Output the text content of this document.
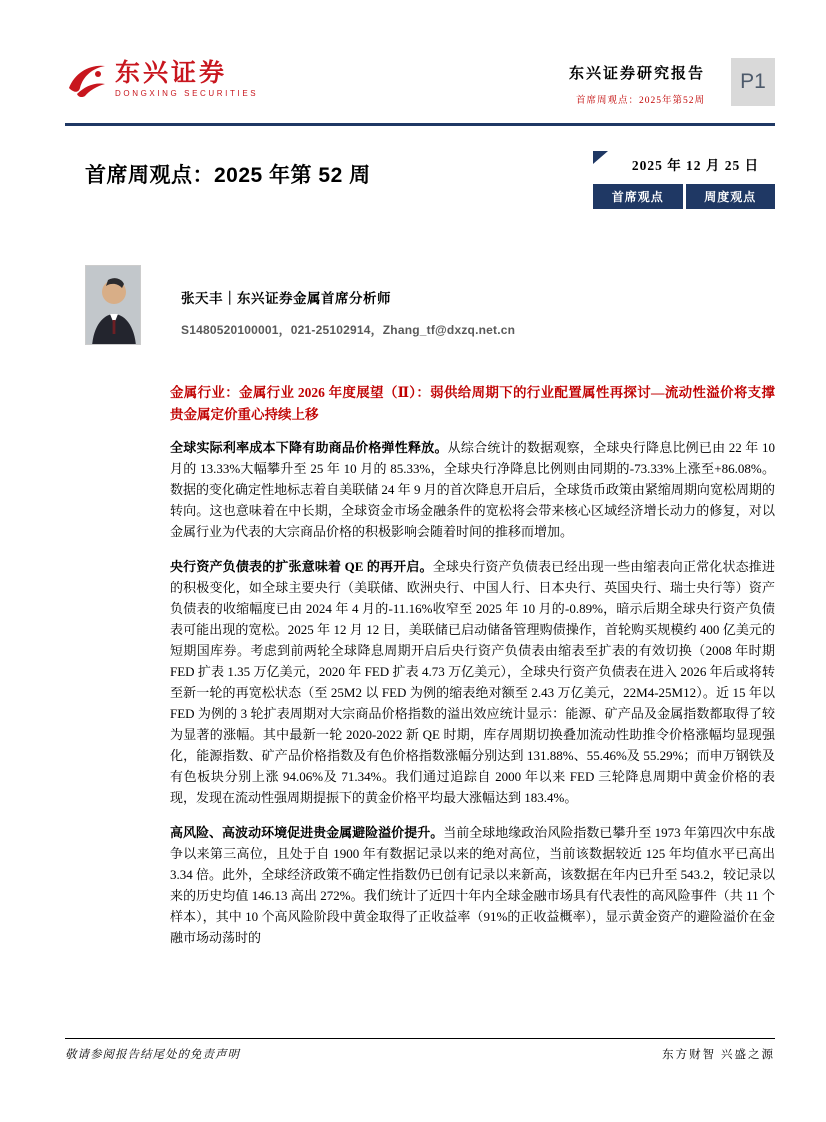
东兴证券
DONGXING SECURITIES
东兴证券研究报告
首席周观点：2025年第52周
P1
首席周观点：2025 年第 52 周	2025 年 12 月 25 日
首席观点	周度观点
张天丰｜东兴证券金属首席分析师
S1480520100001，021-25102914，Zhang_tf@dxzq.net.cn

金属行业：金属行业 2026 年度展望（Ⅱ）：弱供给周期下的行业配置属性再探讨—流动性溢价将支撑贵金属定价重心持续上移

全球实际利率成本下降有助商品价格弹性释放。从综合统计的数据观察，全球央行降息比例已由 22 年 10 月的 13.33%大幅攀升至 25 年 10 月的 85.33%，全球央行净降息比例则由同期的-73.33%上涨至+86.08%。数据的变化确定性地标志着自美联储 24 年 9 月的首次降息开启后，全球货币政策由紧缩周期向宽松周期的转向。这也意味着在中长期，全球资金市场金融条件的宽松将会带来核心区域经济增长动力的修复，对以金属行业为代表的大宗商品价格的积极影响会随着时间的推移而增加。

央行资产负债表的扩张意味着 QE 的再开启。全球央行资产负债表已经出现一些由缩表向正常化状态推进的积极变化，如全球主要央行（美联储、欧洲央行、中国人行、日本央行、英国央行、瑞士央行等）资产负债表的收缩幅度已由 2024 年 4 月的-11.16%收窄至 2025 年 10 月的-0.89%，暗示后期全球央行资产负债表可能出现的宽松。2025 年 12 月 12 日，美联储已启动储备管理购债操作，首轮购买规模约 400 亿美元的短期国库券。考虑到前两轮全球降息周期开启后央行资产负债表由缩表至扩表的有效切换（2008 年时期 FED 扩表 1.35 万亿美元，2020 年 FED 扩表 4.73 万亿美元），全球央行资产负债表在进入 2026 年后或将转至新一轮的再宽松状态（至 25M2 以 FED 为例的缩表绝对额至 2.43 万亿美元，22M4-25M12）。近 15 年以 FED 为例的 3 轮扩表周期对大宗商品价格指数的溢出效应统计显示：能源、矿产品及金属指数都取得了较为显著的涨幅。其中最新一轮 2020-2022 新 QE 时期，库存周期切换叠加流动性助推令价格涨幅均显现强化，能源指数、矿产品价格指数及有色价格指数涨幅分别达到 131.88%、55.46%及 55.29%；而申万钢铁及有色板块分别上涨 94.06%及 71.34%。我们通过追踪自 2000 年以来 FED 三轮降息周期中黄金价格的表现，发现在流动性强周期提振下的黄金价格平均最大涨幅达到 183.4%。

高风险、高波动环境促进贵金属避险溢价提升。当前全球地缘政治风险指数已攀升至 1973 年第四次中东战争以来第三高位，且处于自 1900 年有数据记录以来的绝对高位，当前该数据较近 125 年均值水平已高出 3.34 倍。此外，全球经济政策不确定性指数仍已创有记录以来新高，该数据在年内已升至 543.2，较记录以来的历史均值 146.13 高出 272%。我们统计了近四十年内全球金融市场具有代表性的高风险事件（共 11 个样本），其中 10 个高风险阶段中黄金取得了正收益率（91%的正收益概率），显示黄金资产的避险溢价在金融市场动荡时的

敬请参阅报告结尾处的免责声明	东方财智 兴盛之源
